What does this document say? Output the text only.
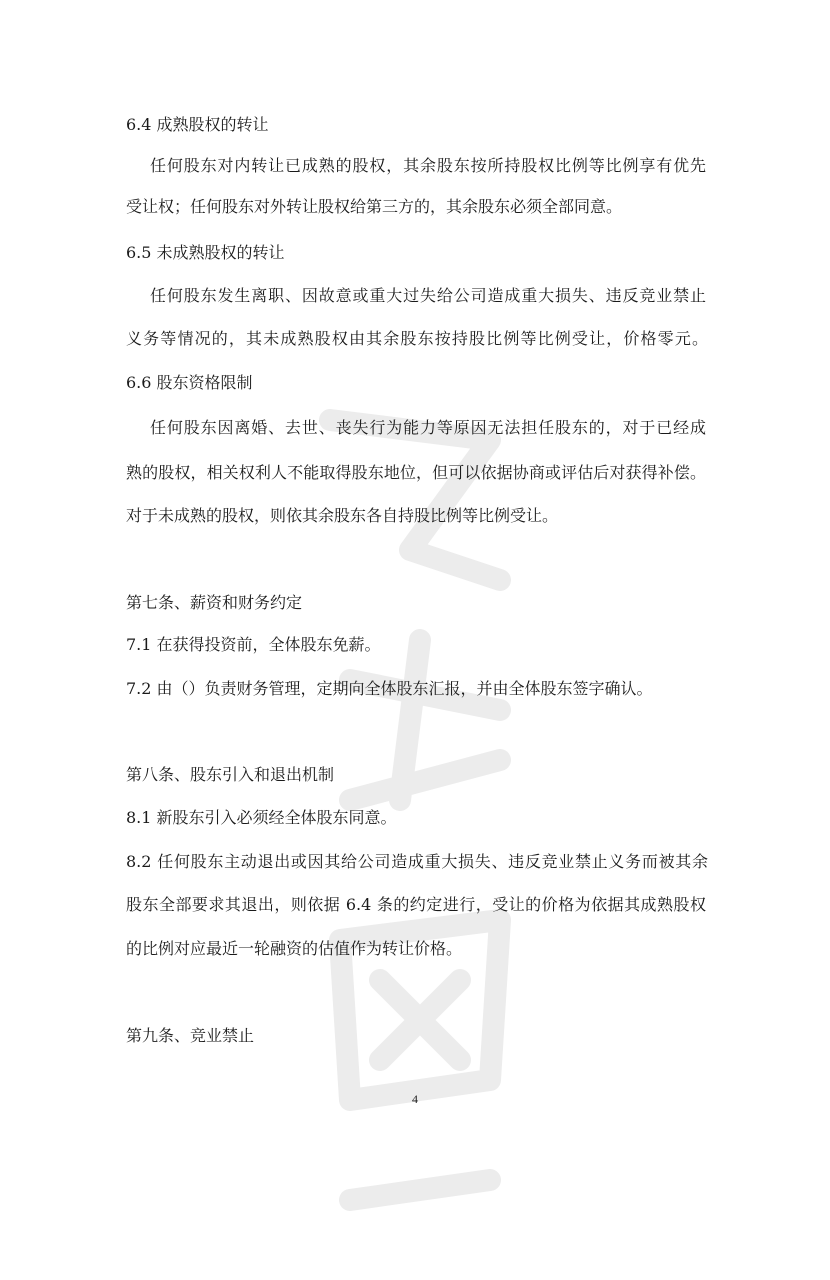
6.4 成熟股权的转让
任何股东对内转让已成熟的股权，其余股东按所持股权比例等比例享有优先
受让权；任何股东对外转让股权给第三方的，其余股东必须全部同意。
6.5 未成熟股权的转让
任何股东发生离职、因故意或重大过失给公司造成重大损失、违反竞业禁止
义务等情况的，其未成熟股权由其余股东按持股比例等比例受让，价格零元。
6.6 股东资格限制
任何股东因离婚、去世、丧失行为能力等原因无法担任股东的，对于已经成
熟的股权，相关权利人不能取得股东地位，但可以依据协商或评估后对获得补偿。
对于未成熟的股权，则依其余股东各自持股比例等比例受让。
第七条、薪资和财务约定
7.1 在获得投资前，全体股东免薪。
7.2 由（）负责财务管理，定期向全体股东汇报，并由全体股东签字确认。
第八条、股东引入和退出机制
8.1 新股东引入必须经全体股东同意。
8.2 任何股东主动退出或因其给公司造成重大损失、违反竞业禁止义务而被其余
股东全部要求其退出，则依据 6.4 条的约定进行，受让的价格为依据其成熟股权
的比例对应最近一轮融资的估值作为转让价格。
第九条、竞业禁止
4
